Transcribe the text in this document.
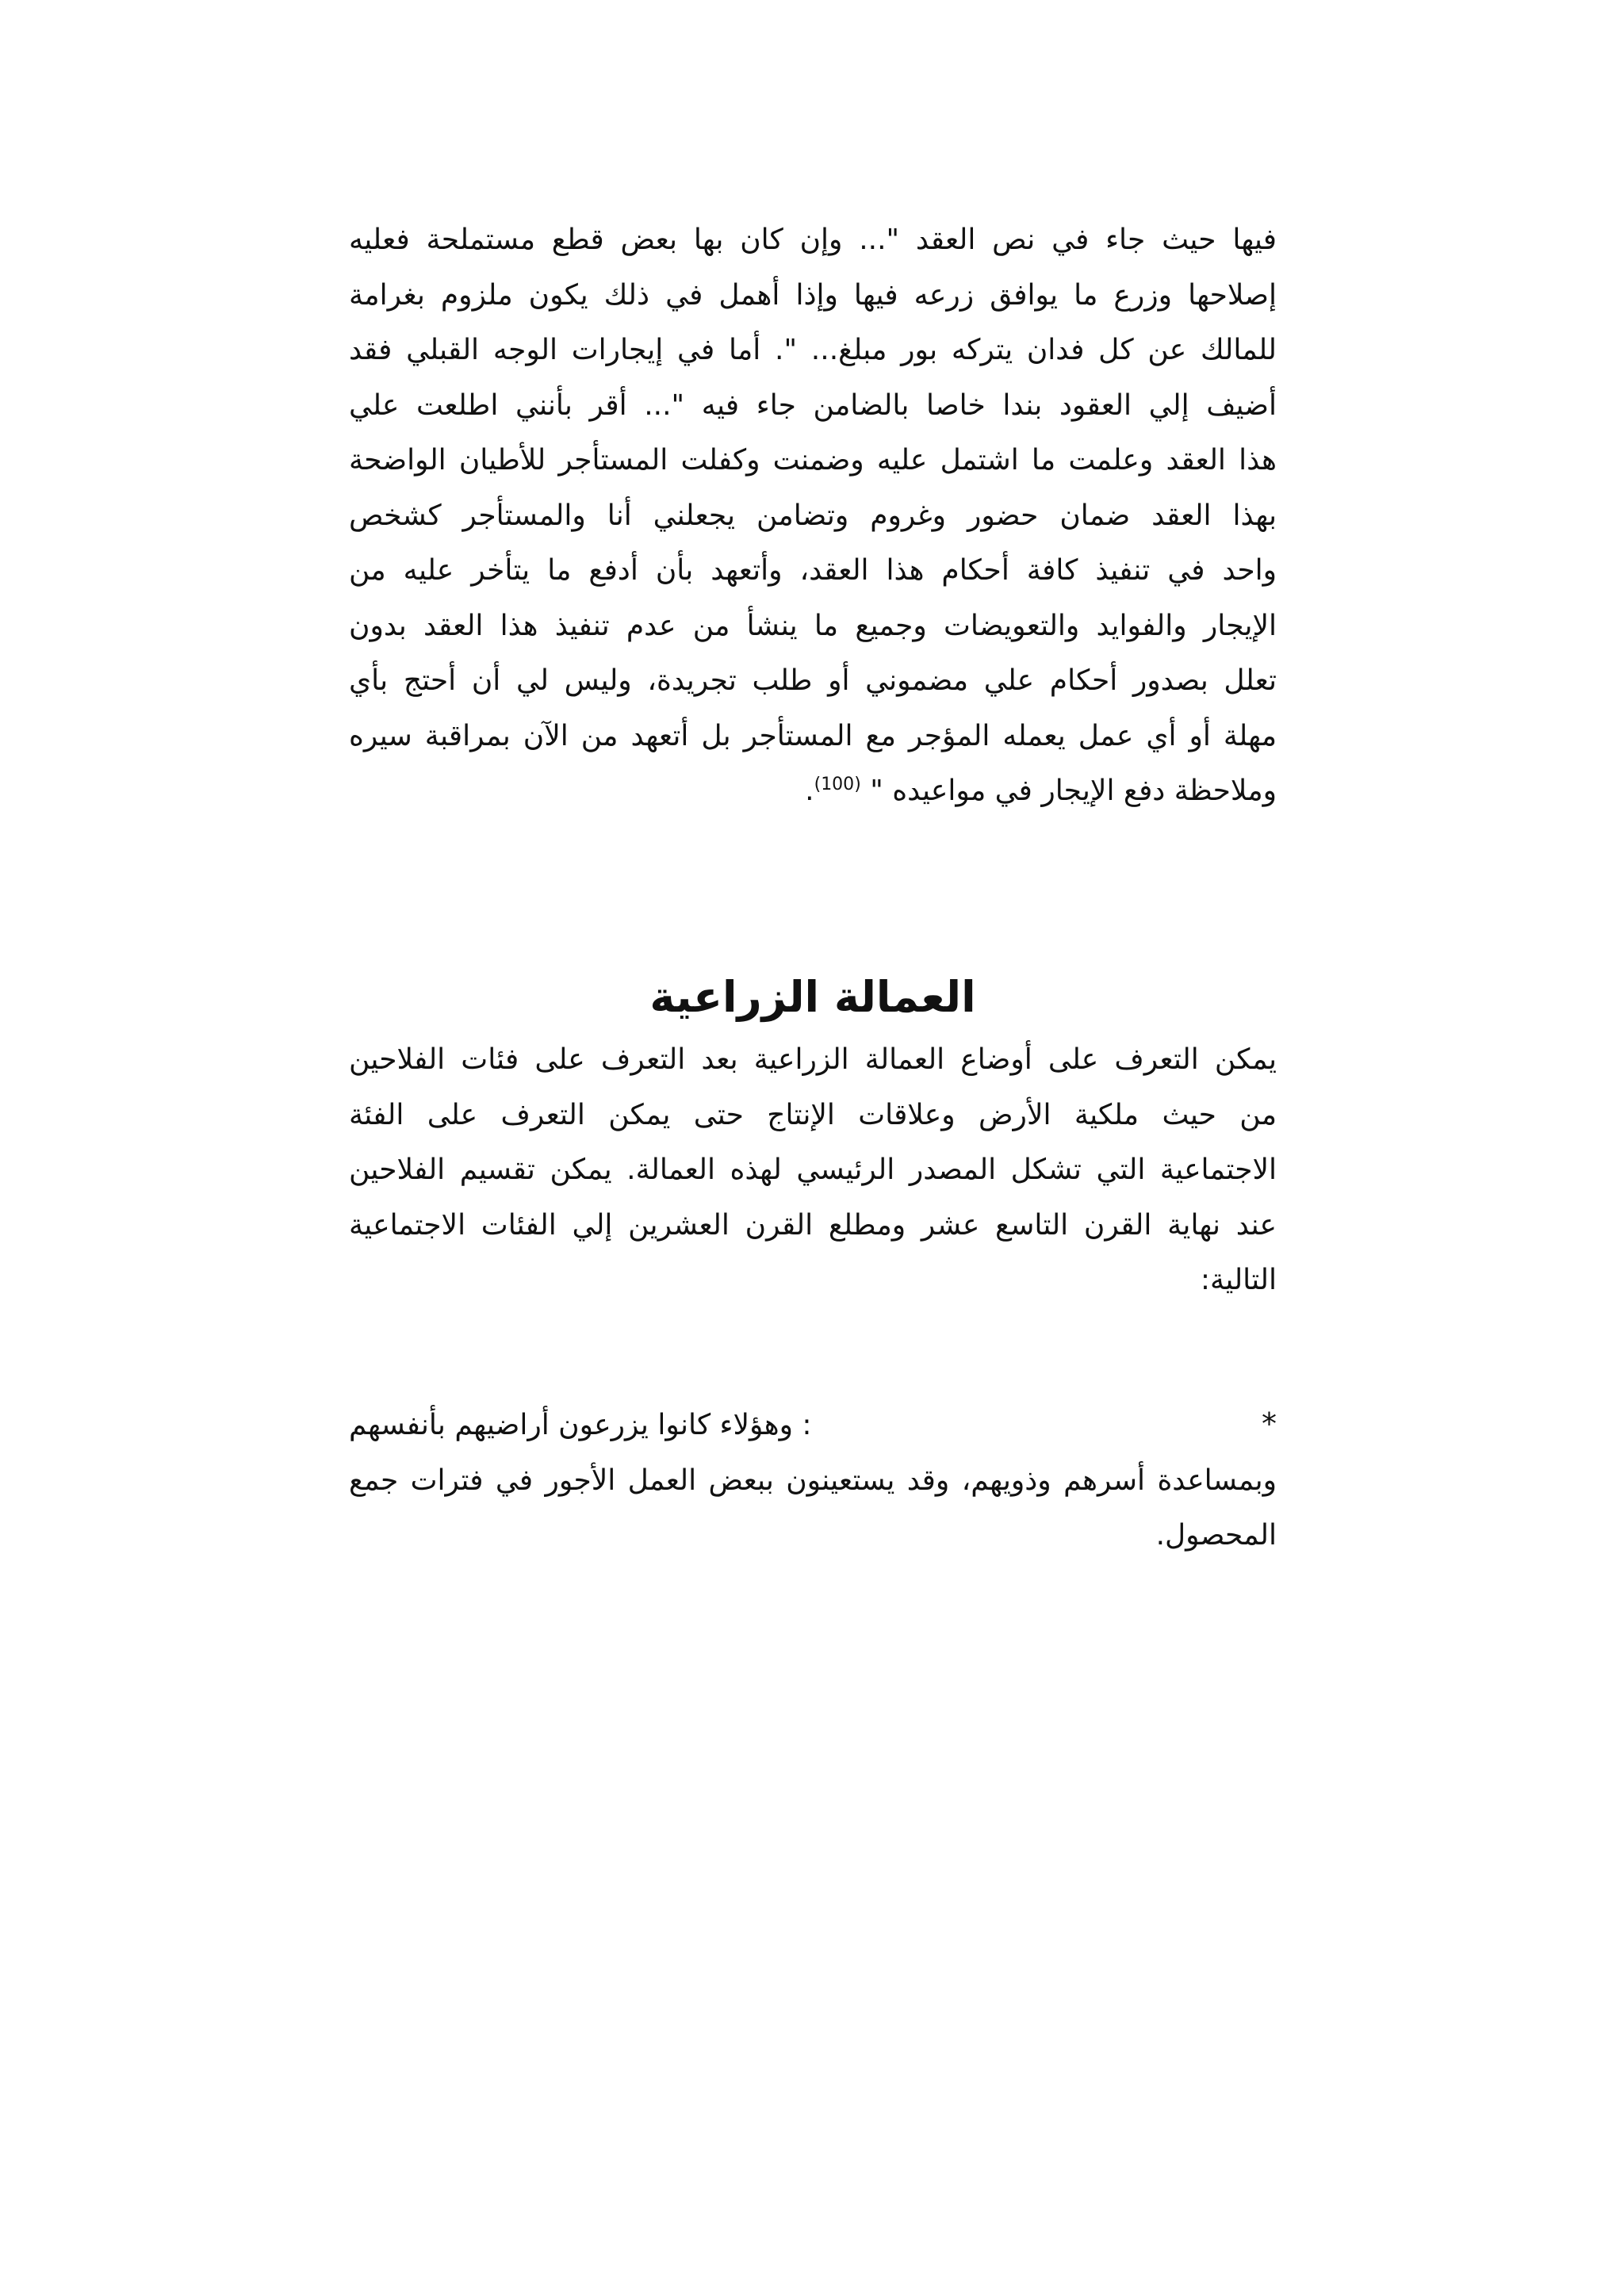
فيها حيث جاء في نص العقد "... وإن كان بها بعض قطع مستملحة فعليه
إصلاحها وزرع ما يوافق زرعه فيها وإذا أهمل في ذلك يكون ملزوم بغرامة
للمالك عن كل فدان يتركه بور مبلغ... ". أما في إيجارات الوجه القبلي فقد
أضيف إلي العقود بندا خاصا بالضامن جاء فيه "... أقر بأنني اطلعت علي
هذا العقد وعلمت ما اشتمل عليه وضمنت وكفلت المستأجر للأطيان الواضحة
بهذا العقد ضمان حضور وغروم وتضامن يجعلني أنا والمستأجر كشخص
واحد في تنفيذ كافة أحكام هذا العقد، وأتعهد بأن أدفع ما يتأخر عليه من
الإيجار والفوايد والتعويضات وجميع ما ينشأ من عدم تنفيذ هذا العقد بدون
تعلل بصدور أحكام علي مضموني أو طلب تجريدة، وليس لي أن أحتج بأي
مهلة أو أي عمل يعمله المؤجر مع المستأجر بل أتعهد من الآن بمراقبة سيره
وملاحظة دفع الإيجار في مواعيده " $^{(100)}$.
العمالة الزراعية
يمكن التعرف على أوضاع العمالة الزراعية بعد التعرف على فئات الفلاحين
من حيث ملكية الأرض وعلاقات الإنتاج حتى يمكن التعرف على الفئة
الاجتماعية التي تشكل المصدر الرئيسي لهذه العمالة. يمكن تقسيم الفلاحين
عند نهاية القرن التاسع عشر ومطلع القرن العشرين إلي الفئات الاجتماعية
التالية:
*
: وهؤلاء كانوا يزرعون أراضيهم بأنفسهم
وبمساعدة أسرهم وذويهم، وقد يستعينون ببعض العمل الأجور في فترات جمع
المحصول.
